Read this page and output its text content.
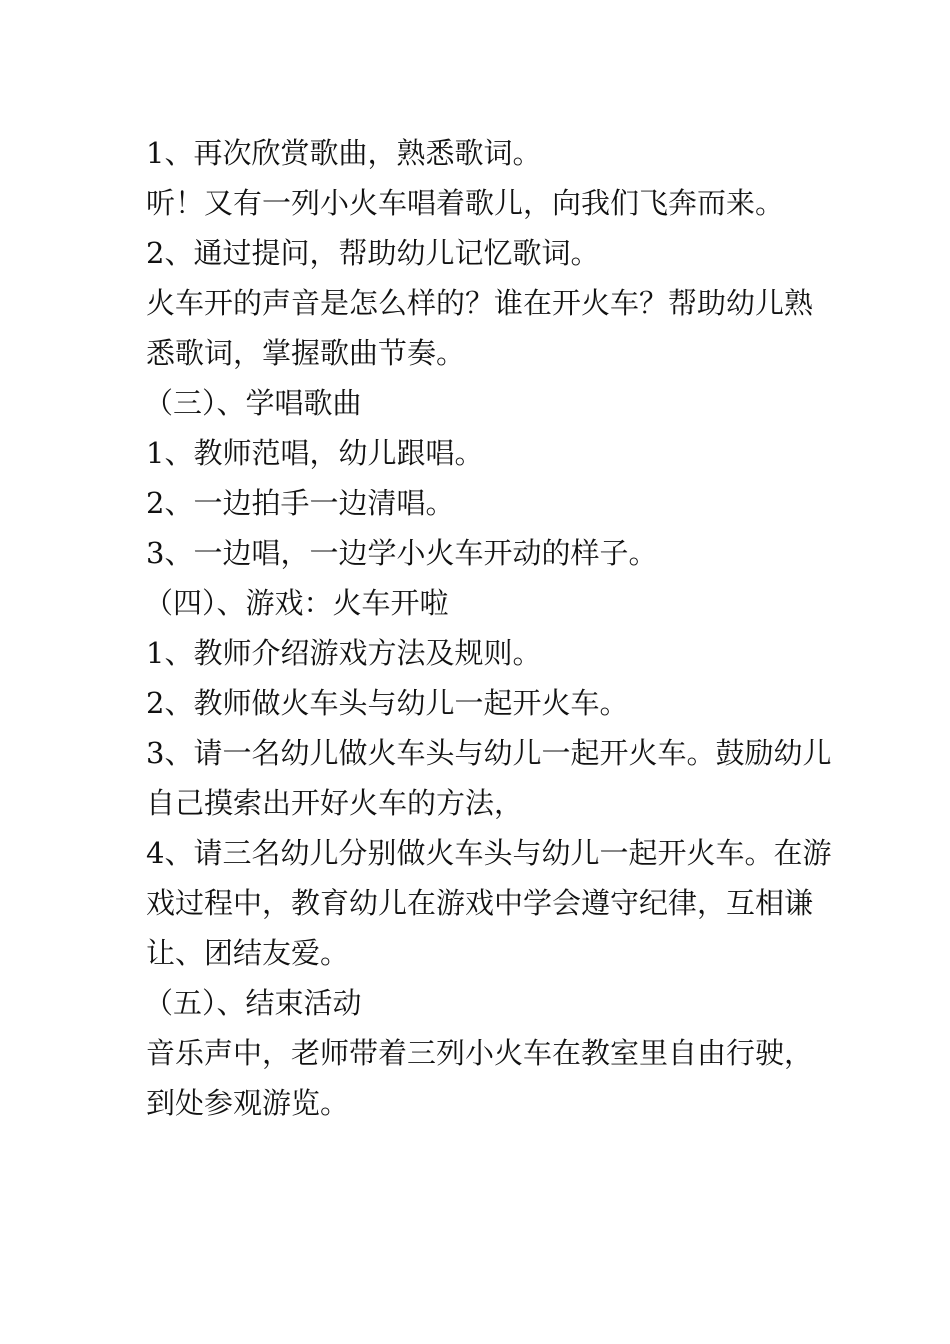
1、再次欣赏歌曲，熟悉歌词。

听！又有一列小火车唱着歌儿，向我们飞奔而来。

2、通过提问，帮助幼儿记忆歌词。

火车开的声音是怎么样的？谁在开火车？帮助幼儿熟

悉歌词，掌握歌曲节奏。

（三）、学唱歌曲

1、教师范唱，幼儿跟唱。

2、一边拍手一边清唱。

3、一边唱，一边学小火车开动的样子。

（四）、游戏：火车开啦

1、教师介绍游戏方法及规则。

2、教师做火车头与幼儿一起开火车。

3、请一名幼儿做火车头与幼儿一起开火车。鼓励幼儿

自己摸索出开好火车的方法，

4、请三名幼儿分别做火车头与幼儿一起开火车。在游

戏过程中，教育幼儿在游戏中学会遵守纪律，互相谦

让、团结友爱。

（五）、结束活动

音乐声中，老师带着三列小火车在教室里自由行驶，

到处参观游览。
